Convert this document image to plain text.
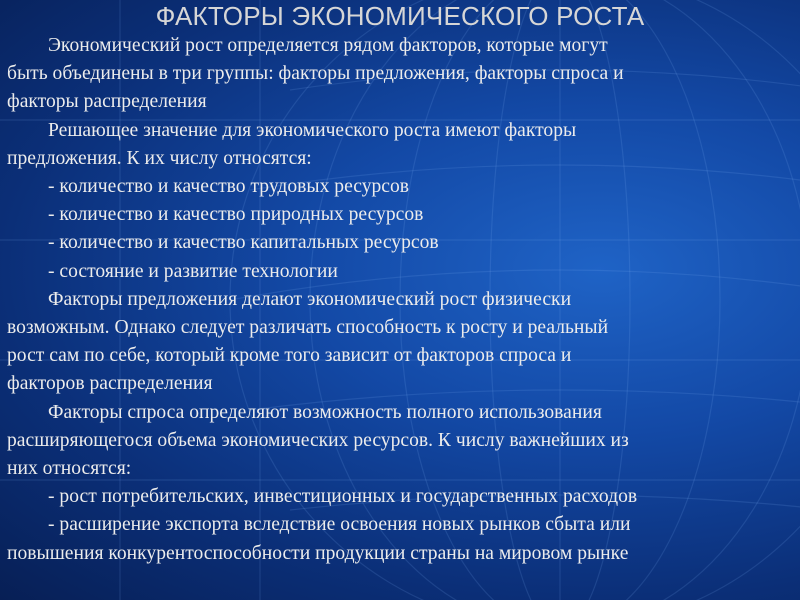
ФАКТОРЫ ЭКОНОМИЧЕСКОГО РОСТА
Экономический рост определяется рядом факторов, которые могут
быть объединены в три группы: факторы предложения, факторы спроса и
факторы распределения
Решающее значение для экономического роста имеют факторы
предложения. К их числу относятся:
- количество и качество трудовых ресурсов
- количество и качество природных ресурсов
- количество и качество капитальных ресурсов
- состояние и развитие технологии
Факторы предложения делают экономический рост физически
возможным. Однако следует различать способность к росту и реальный
рост сам по себе, который кроме того зависит от факторов спроса и
факторов распределения
Факторы спроса определяют возможность полного использования
расширяющегося объема экономических ресурсов. К числу важнейших из
них относятся:
- рост потребительских, инвестиционных и государственных расходов
- расширение экспорта вследствие освоения новых рынков сбыта или
повышения конкурентоспособности продукции страны на мировом рынке
